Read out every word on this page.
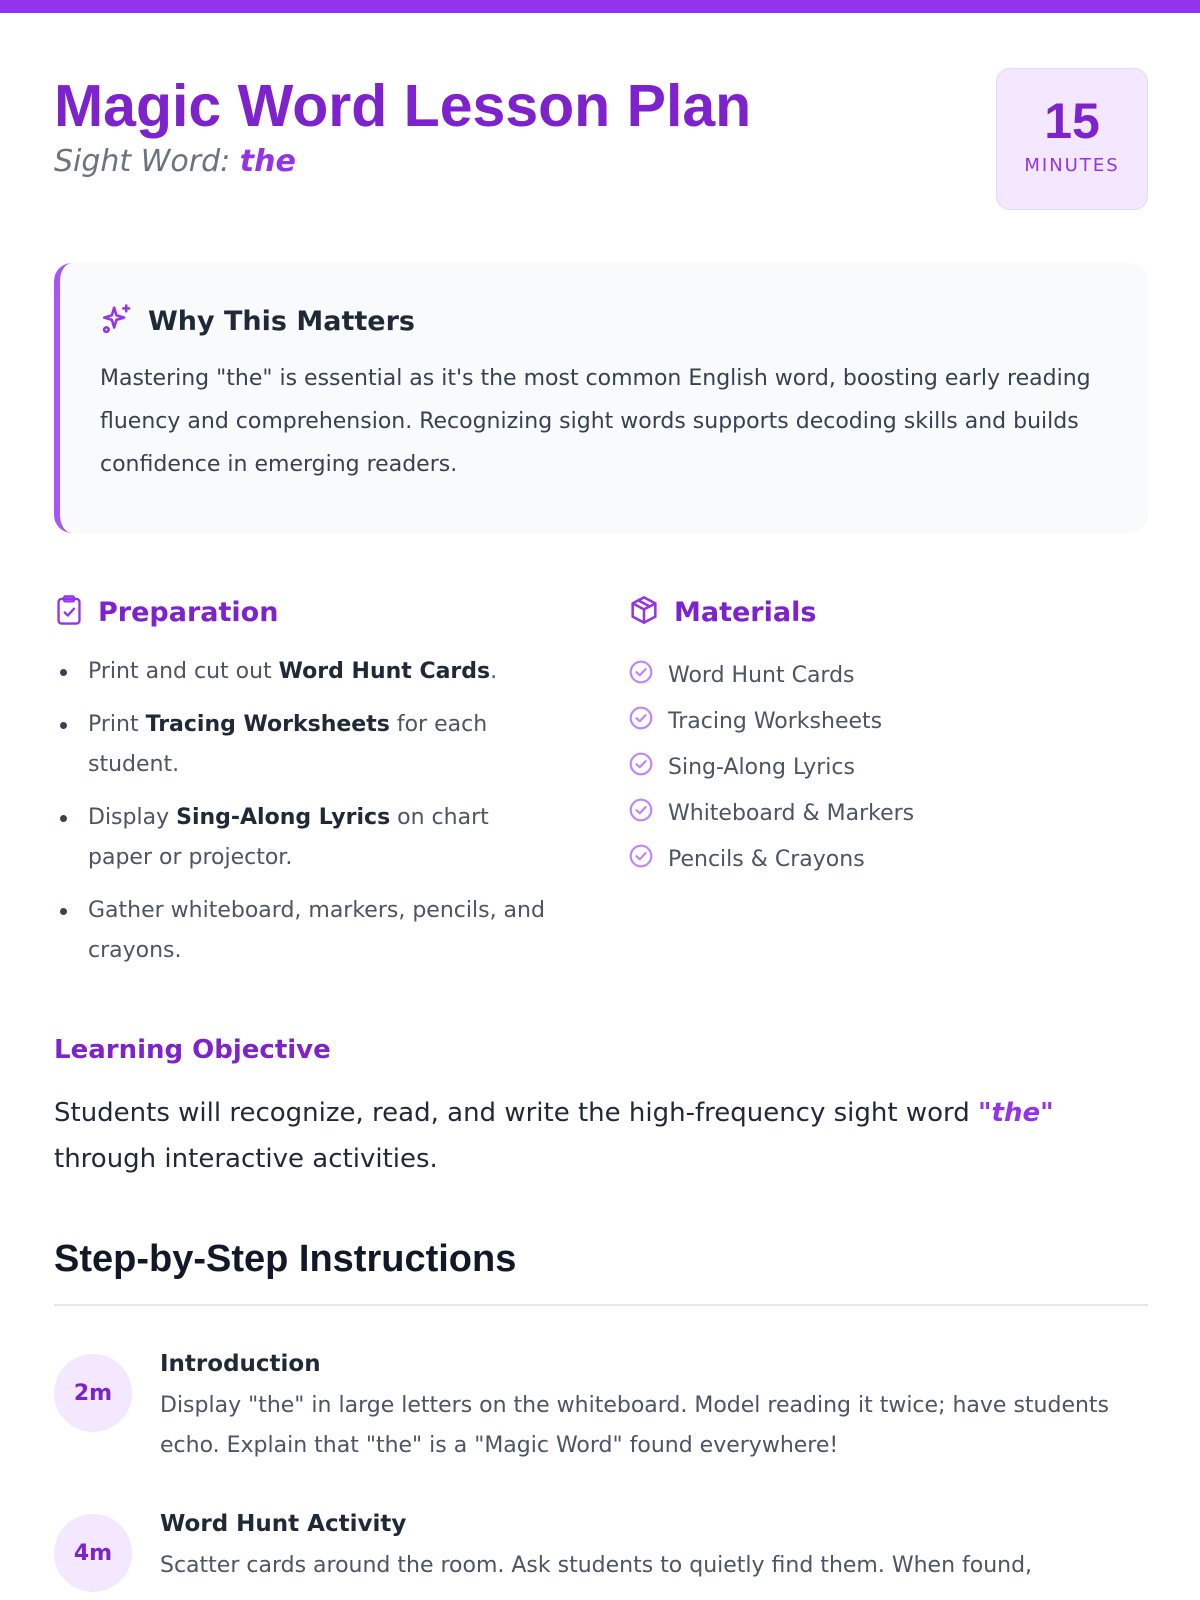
Magic Word Lesson Plan
Sight Word: the
15
MINUTES
Why This Matters
Mastering "the" is essential as it's the most common English word, boosting early reading fluency and comprehension. Recognizing sight words supports decoding skills and builds confidence in emerging readers.
Preparation
Print and cut out Word Hunt Cards.
Print Tracing Worksheets for each student.
Display Sing-Along Lyrics on chart paper or projector.
Gather whiteboard, markers, pencils, and crayons.
Materials
Word Hunt Cards
Tracing Worksheets
Sing-Along Lyrics
Whiteboard & Markers
Pencils & Crayons
Learning Objective
Students will recognize, read, and write the high-frequency sight word "the" through interactive activities.
Step-by-Step Instructions
2m
Introduction
Display "the" in large letters on the whiteboard. Model reading it twice; have students echo. Explain that "the" is a "Magic Word" found everywhere!
4m
Word Hunt Activity
Scatter cards around the room. Ask students to quietly find them. When found,
